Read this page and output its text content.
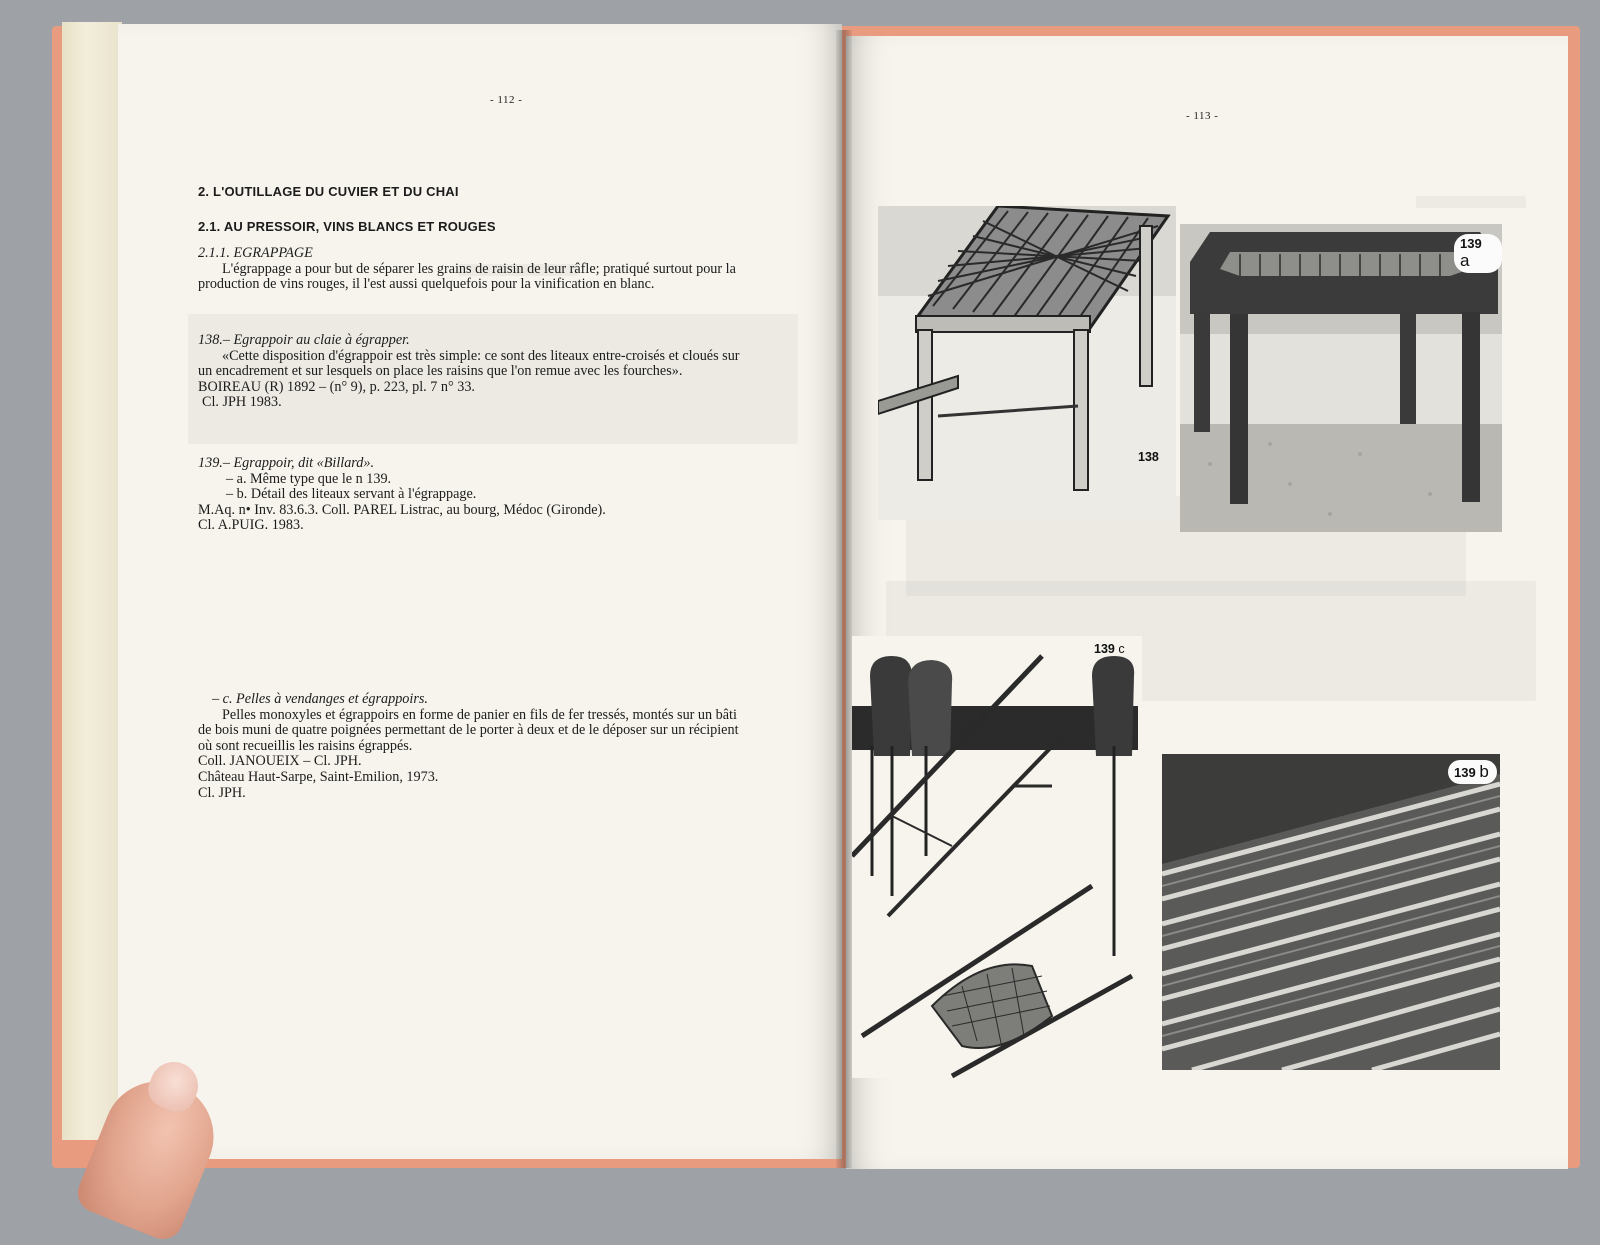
- 112 -
2. L'OUTILLAGE DU CUVIER ET DU CHAI
2.1. AU PRESSOIR, VINS BLANCS ET ROUGES

2.1.1. EGRAPPAGE

L'égrappage a pour but de séparer les grains de raisin de leur râfle; pratiqué surtout pour la

production de vins rouges, il l'est aussi quelquefois pour la vinification en blanc.

138.– Egrappoir au claie à égrapper.

«Cette disposition d'égrappoir est très simple: ce sont des liteaux entre-croisés et cloués sur

un encadrement et sur lesquels on place les raisins que l'on remue avec les fourches».

BOIREAU (R) 1892 – (n° 9), p. 223, pl. 7 n° 33.

Cl. JPH 1983.

139.– Egrappoir, dit «Billard».

– a. Même type que le n 139.

– b. Détail des liteaux servant à l'égrappage.

M.Aq. n• Inv. 83.6.3. Coll. PAREL Listrac, au bourg, Médoc (Gironde).

Cl. A.PUIG. 1983.

– c. Pelles à vendanges et égrappoirs.

Pelles monoxyles et égrappoirs en forme de panier en fils de fer tressés, montés sur un bâti

de bois muni de quatre poignées permettant de le porter à deux et de le déposer sur un récipient

où sont recueillis les raisins égrappés.

Coll. JANOUEIX – Cl. JPH.

Château Haut-Sarpe, Saint-Emilion, 1973.

Cl. JPH.

- 113 -
138
139 a
139 c
139 b
